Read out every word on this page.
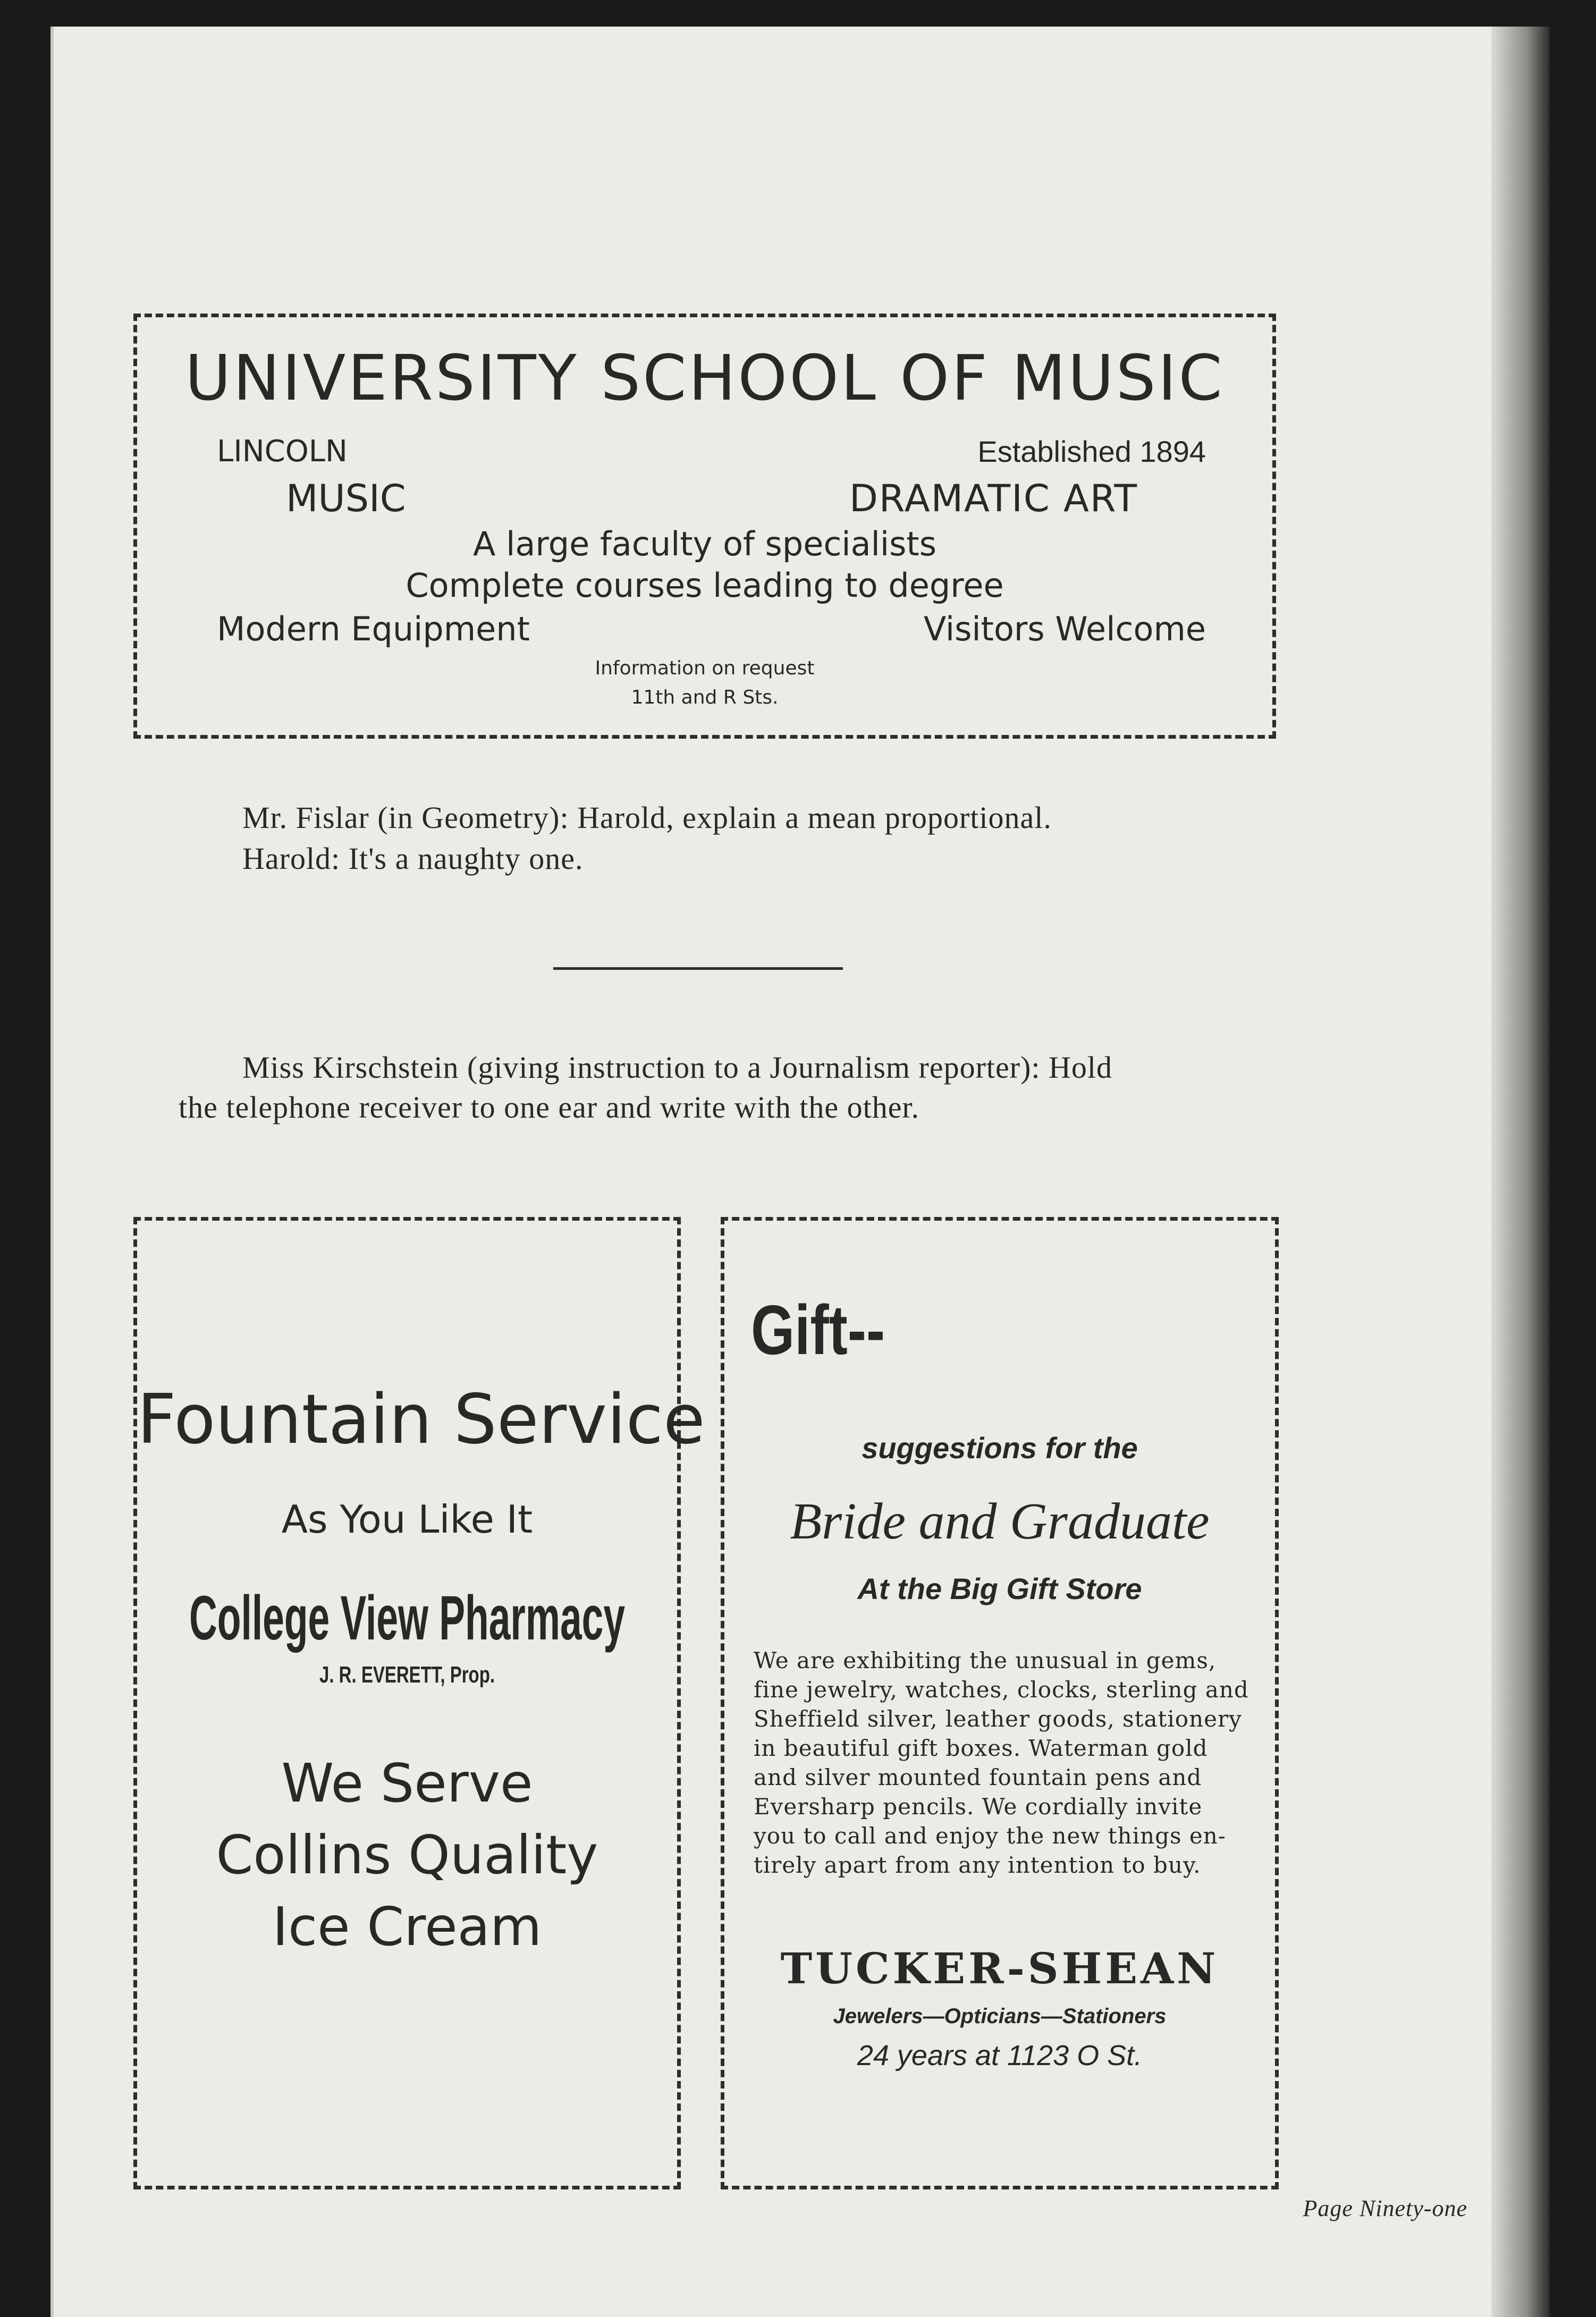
UNIVERSITY SCHOOL OF MUSIC
LINCOLN	Established 1894
MUSIC	DRAMATIC ART
A large faculty of specialists
Complete courses leading to degree
Modern Equipment	Visitors Welcome
Information on request
11th and R Sts.
Mr. Fislar (in Geometry): Harold, explain a mean proportional.
Harold: It's a naughty one.
Miss Kirschstein (giving instruction to a Journalism reporter): Hold
the telephone receiver to one ear and write with the other.
Fountain Service
As You Like It
College View Pharmacy
J. R. EVERETT, Prop.
We Serve
Collins Quality
Ice Cream
Gift--
suggestions for the
Bride and Graduate
At the Big Gift Store
We are exhibiting the unusual in gems,
fine jewelry, watches, clocks, sterling and
Sheffield silver, leather goods, stationery
in beautiful gift boxes. Waterman gold
and silver mounted fountain pens and
Eversharp pencils. We cordially invite
you to call and enjoy the new things en-
tirely apart from any intention to buy.
TUCKER-SHEAN
Jewelers—Opticians—Stationers
24 years at 1123 O St.
Page Ninety-one
